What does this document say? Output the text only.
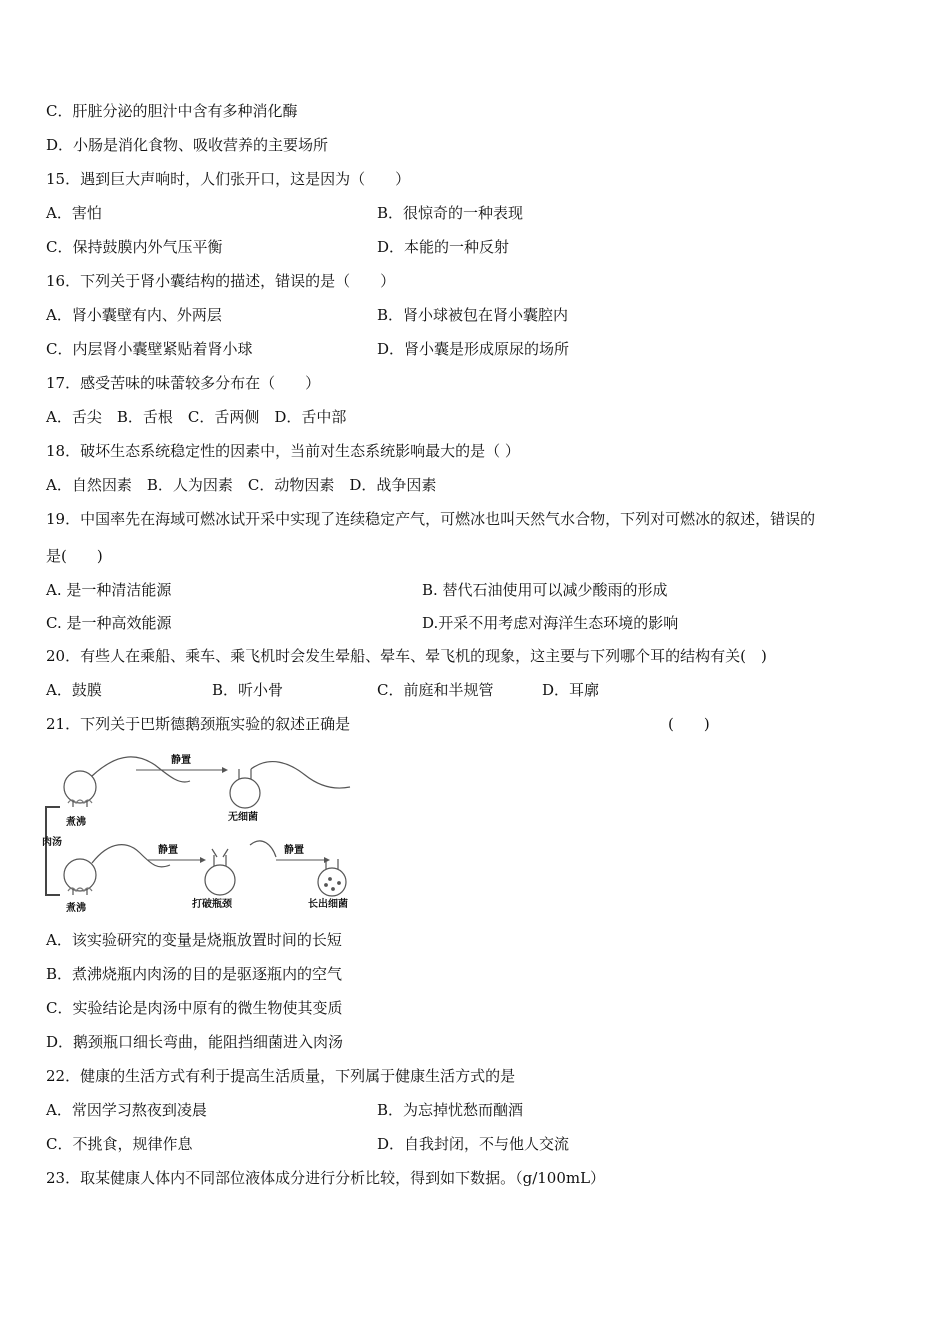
C．肝脏分泌的胆汁中含有多种消化酶
D．小肠是消化食物、吸收营养的主要场所
15．遇到巨大声响时，人们张开口，这是因为（　　）
A．害怕	B．很惊奇的一种表现
C．保持鼓膜内外气压平衡	D．本能的一种反射
16．下列关于肾小囊结构的描述，错误的是（　　）
A．肾小囊壁有内、外两层	B．肾小球被包在肾小囊腔内
C．内层肾小囊壁紧贴着肾小球	D．肾小囊是形成原尿的场所
17．感受苦味的味蕾较多分布在（　　）
A．舌尖　B．舌根　C．舌两侧　D．舌中部
18．破坏生态系统稳定性的因素中，当前对生态系统影响最大的是（ ）
A．自然因素　B．人为因素　C．动物因素　D．战争因素
19．中国率先在海域可燃冰试开采中实现了连续稳定产气，可燃冰也叫天然气水合物，下列对可燃冰的叙述，错误的
是(　　)
A. 是一种清洁能源	B. 替代石油使用可以减少酸雨的形成
C. 是一种高效能源	D.开采不用考虑对海洋生态环境的影响
20．有些人在乘船、乘车、乘飞机时会发生晕船、晕车、晕飞机的现象，这主要与下列哪个耳的结构有关(　)
A．鼓膜	B．听小骨	C．前庭和半规管	D．耳廓
21．下列关于巴斯德鹅颈瓶实验的叙述正确是	(　　)
静置
无细菌
煮沸
肉汤
静置	静置
煮沸	打破瓶颈	长出细菌
A．该实验研究的变量是烧瓶放置时间的长短
B．煮沸烧瓶内肉汤的目的是驱逐瓶内的空气
C．实验结论是肉汤中原有的微生物使其变质
D．鹅颈瓶口细长弯曲，能阻挡细菌进入肉汤
22．健康的生活方式有利于提高生活质量，下列属于健康生活方式的是
A．常因学习熬夜到凌晨	B．为忘掉忧愁而酗酒
C．不挑食，规律作息	D．自我封闭，不与他人交流
23．取某健康人体内不同部位液体成分进行分析比较，得到如下数据。（g/100mL）
